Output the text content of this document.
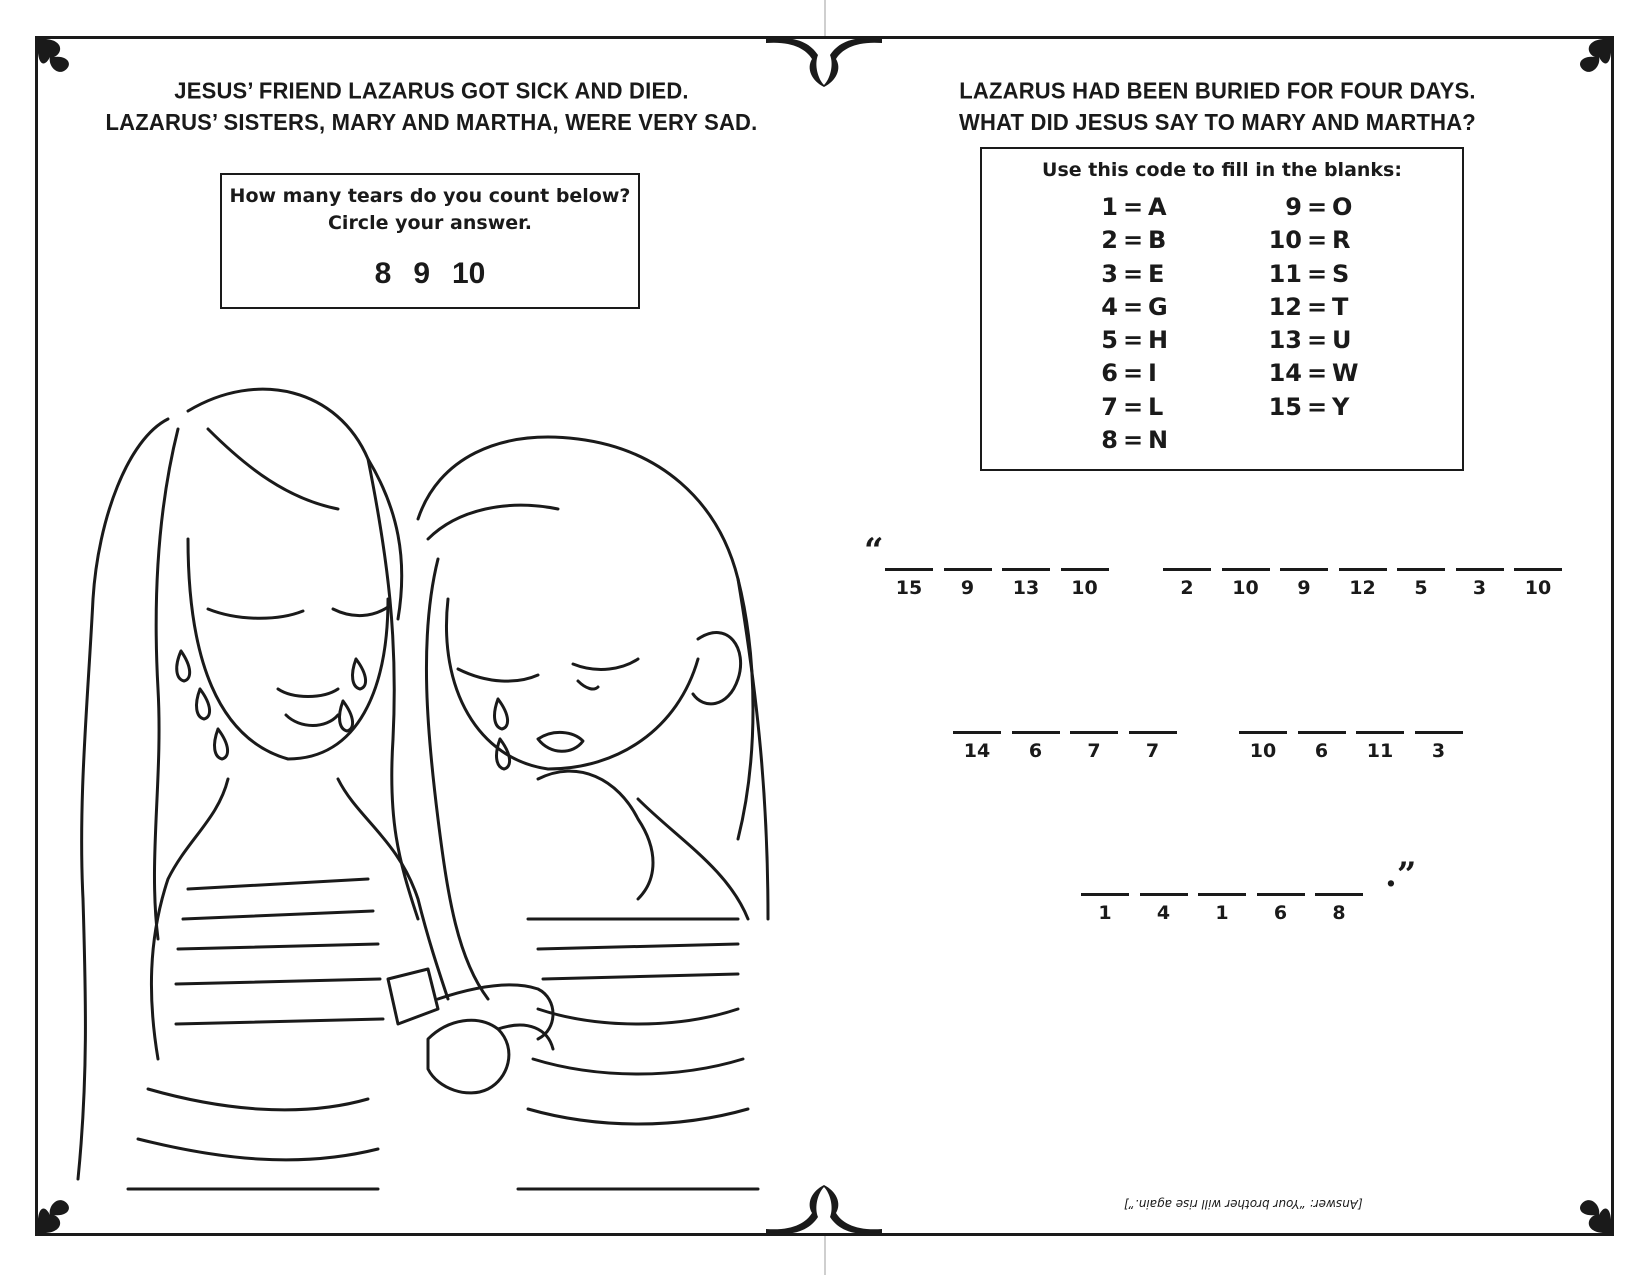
JESUS’ FRIEND LAZARUS GOT SICK AND DIED.
LAZARUS’ SISTERS, MARY AND MARTHA, WERE VERY SAD.
How many tears do you count below?
Circle your answer.
8 9 10
LAZARUS HAD BEEN BURIED FOR FOUR DAYS.
WHAT DID JESUS SAY TO MARY AND MARTHA?
Use this code to fill in the blanks:
1 = A
2 = B
3 = E
4 = G
5 = H
6 = I
7 = L
8 = N
9 = O
10 = R
11 = S
12 = T
13 = U
14 = W
15 = Y
“
.”
15	9	13	10	2	10	9	12	5	3	10
14	6	7	7	10	6	11	3
1	4	1	6	8
[Answer: “Your brother will rise again.”]
